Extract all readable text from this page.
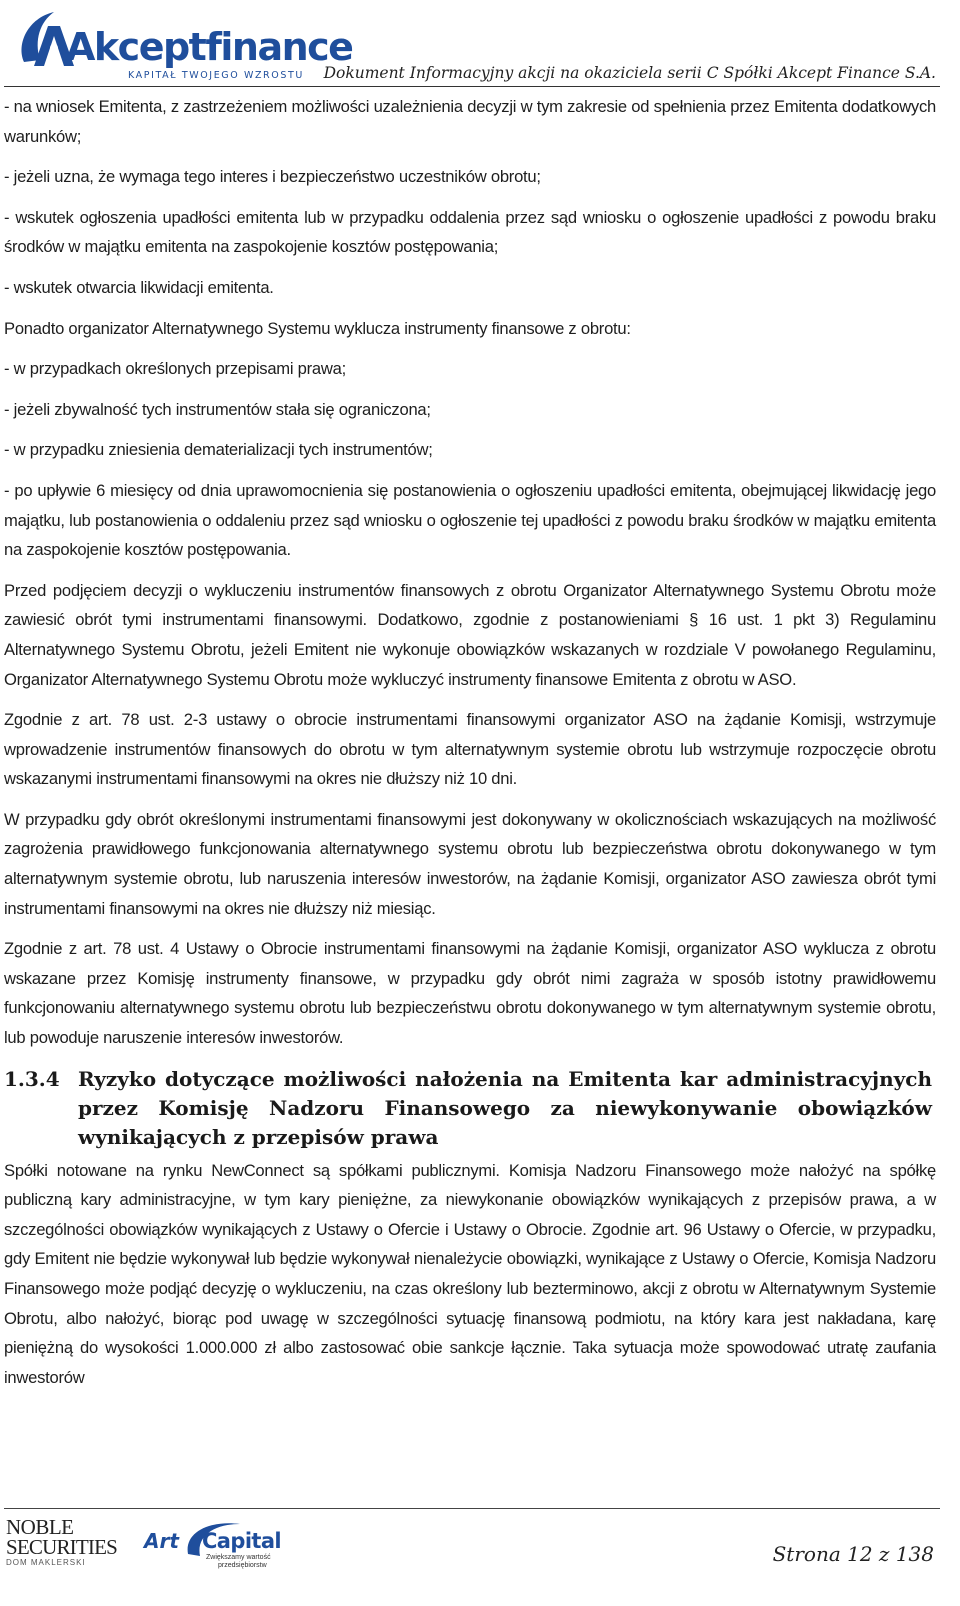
Akceptfinance
KAPITAŁ TWOJEGO WZROSTU Dokument Informacyjny akcji na okaziciela serii C Spółki Akcept Finance S.A.

- na wniosek Emitenta, z zastrzeżeniem możliwości uzależnienia decyzji w tym zakresie od spełnienia przez Emitenta dodatkowych warunków;

- jeżeli uzna, że wymaga tego interes i bezpieczeństwo uczestników obrotu;

- wskutek ogłoszenia upadłości emitenta lub w przypadku oddalenia przez sąd wniosku o ogłoszenie upadłości z powodu braku środków w majątku emitenta na zaspokojenie kosztów postępowania;

- wskutek otwarcia likwidacji emitenta.

Ponadto organizator Alternatywnego Systemu wyklucza instrumenty finansowe z obrotu:

- w przypadkach określonych przepisami prawa;

- jeżeli zbywalność tych instrumentów stała się ograniczona;

- w przypadku zniesienia dematerializacji tych instrumentów;

- po upływie 6 miesięcy od dnia uprawomocnienia się postanowienia o ogłoszeniu upadłości emitenta, obejmującej likwidację jego majątku, lub postanowienia o oddaleniu przez sąd wniosku o ogłoszenie tej upadłości z powodu braku środków w majątku emitenta na zaspokojenie kosztów postępowania.

Przed podjęciem decyzji o wykluczeniu instrumentów finansowych z obrotu Organizator Alternatywnego Systemu Obrotu może zawiesić obrót tymi instrumentami finansowymi. Dodatkowo, zgodnie z postanowieniami § 16 ust. 1 pkt 3) Regulaminu Alternatywnego Systemu Obrotu, jeżeli Emitent nie wykonuje obowiązków wskazanych w rozdziale V powołanego Regulaminu, Organizator Alternatywnego Systemu Obrotu może wykluczyć instrumenty finansowe Emitenta z obrotu w ASO.

Zgodnie z art. 78 ust. 2-3 ustawy o obrocie instrumentami finansowymi organizator ASO na żądanie Komisji, wstrzymuje wprowadzenie instrumentów finansowych do obrotu w tym alternatywnym systemie obrotu lub wstrzymuje rozpoczęcie obrotu wskazanymi instrumentami finansowymi na okres nie dłuższy niż 10 dni.

W przypadku gdy obrót określonymi instrumentami finansowymi jest dokonywany w okolicznościach wskazujących na możliwość zagrożenia prawidłowego funkcjonowania alternatywnego systemu obrotu lub bezpieczeństwa obrotu dokonywanego w tym alternatywnym systemie obrotu, lub naruszenia interesów inwestorów, na żądanie Komisji, organizator ASO zawiesza obrót tymi instrumentami finansowymi na okres nie dłuższy niż miesiąc.

Zgodnie z art. 78 ust. 4 Ustawy o Obrocie instrumentami finansowymi na żądanie Komisji, organizator ASO wyklucza z obrotu wskazane przez Komisję instrumenty finansowe, w przypadku gdy obrót nimi zagraża w sposób istotny prawidłowemu funkcjonowaniu alternatywnego systemu obrotu lub bezpieczeństwu obrotu dokonywanego w tym alternatywnym systemie obrotu, lub powoduje naruszenie interesów inwestorów.

1.3.4 Ryzyko dotyczące możliwości nałożenia na Emitenta kar administracyjnych przez Komisję Nadzoru Finansowego za niewykonywanie obowiązków wynikających z przepisów prawa

Spółki notowane na rynku NewConnect są spółkami publicznymi. Komisja Nadzoru Finansowego może nałożyć na spółkę publiczną kary administracyjne, w tym kary pieniężne, za niewykonanie obowiązków wynikających z przepisów prawa, a w szczególności obowiązków wynikających z Ustawy o Ofercie i Ustawy o Obrocie. Zgodnie art. 96 Ustawy o Ofercie, w przypadku, gdy Emitent nie będzie wykonywał lub będzie wykonywał nienależycie obowiązki, wynikające z Ustawy o Ofercie, Komisja Nadzoru Finansowego może podjąć decyzję o wykluczeniu, na czas określony lub bezterminowo, akcji z obrotu w Alternatywnym Systemie Obrotu, albo nałożyć, biorąc pod uwagę w szczególności sytuację finansową podmiotu, na który kara jest nakładana, karę pieniężną do wysokości 1.000.000 zł albo zastosować obie sankcje łącznie. Taka sytuacja może spowodować utratę zaufania inwestorów

NOBLE
SECURITIES
DOM MAKLERSKI
Art Capital
Zwiększamy wartość
przedsiębiorstw	Strona 12 z 138
